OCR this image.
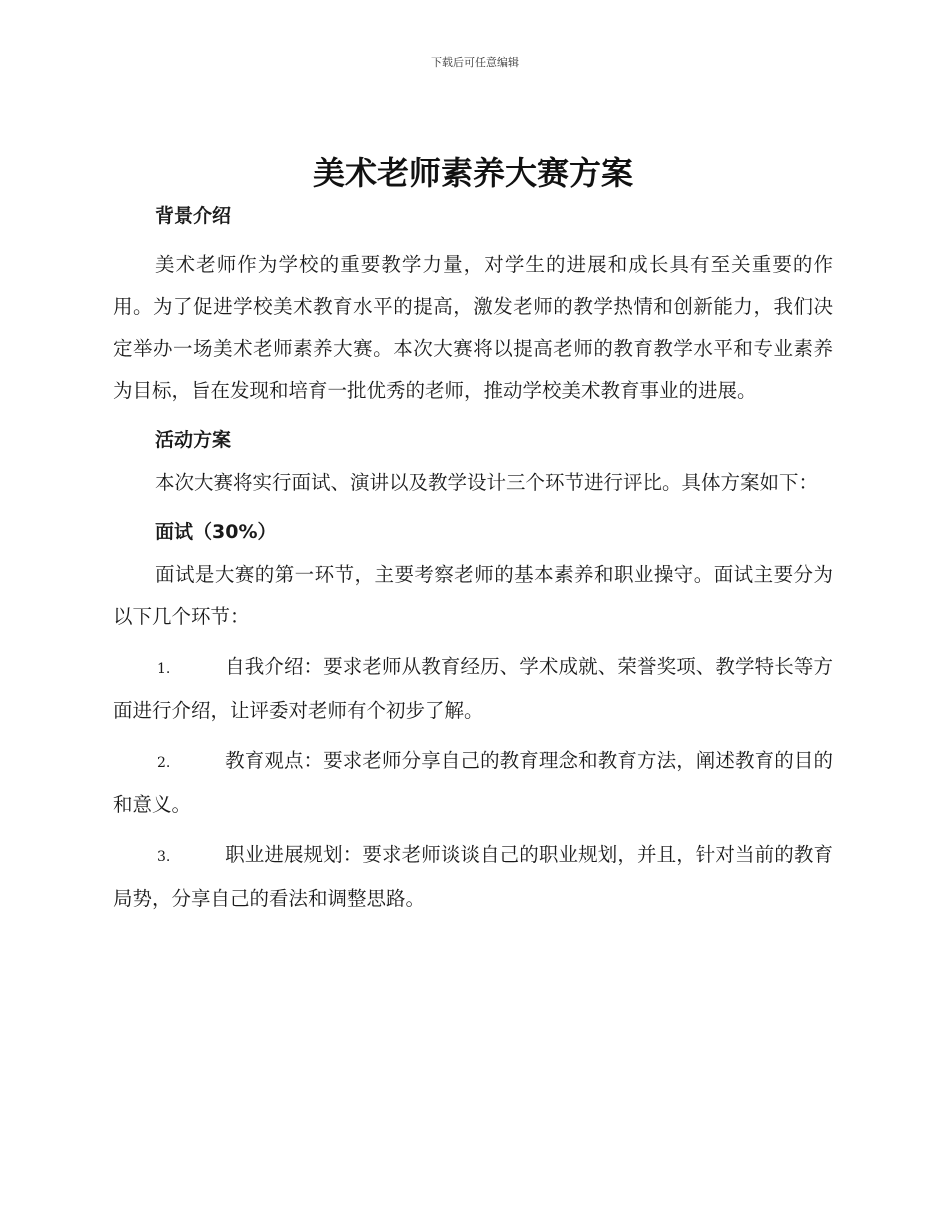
下载后可任意编辑
美术老师素养大赛方案
背景介绍

美术老师作为学校的重要教学力量，对学生的进展和成长具有至关重要的作用。为了促进学校美术教育水平的提高，激发老师的教学热情和创新能力，我们决定举办一场美术老师素养大赛。本次大赛将以提高老师的教育教学水平和专业素养为目标，旨在发现和培育一批优秀的老师，推动学校美术教育事业的进展。

活动方案

本次大赛将实行面试、演讲以及教学设计三个环节进行评比。具体方案如下：

面试（30%）

面试是大赛的第一环节，主要考察老师的基本素养和职业操守。面试主要分为以下几个环节：

1.	自我介绍：要求老师从教育经历、学术成就、荣誉奖项、教学特长等方面进行介绍，让评委对老师有个初步了解。

2.	教育观点：要求老师分享自己的教育理念和教育方法，阐述教育的目的和意义。

3.	职业进展规划：要求老师谈谈自己的职业规划，并且，针对当前的教育局势，分享自己的看法和调整思路。
